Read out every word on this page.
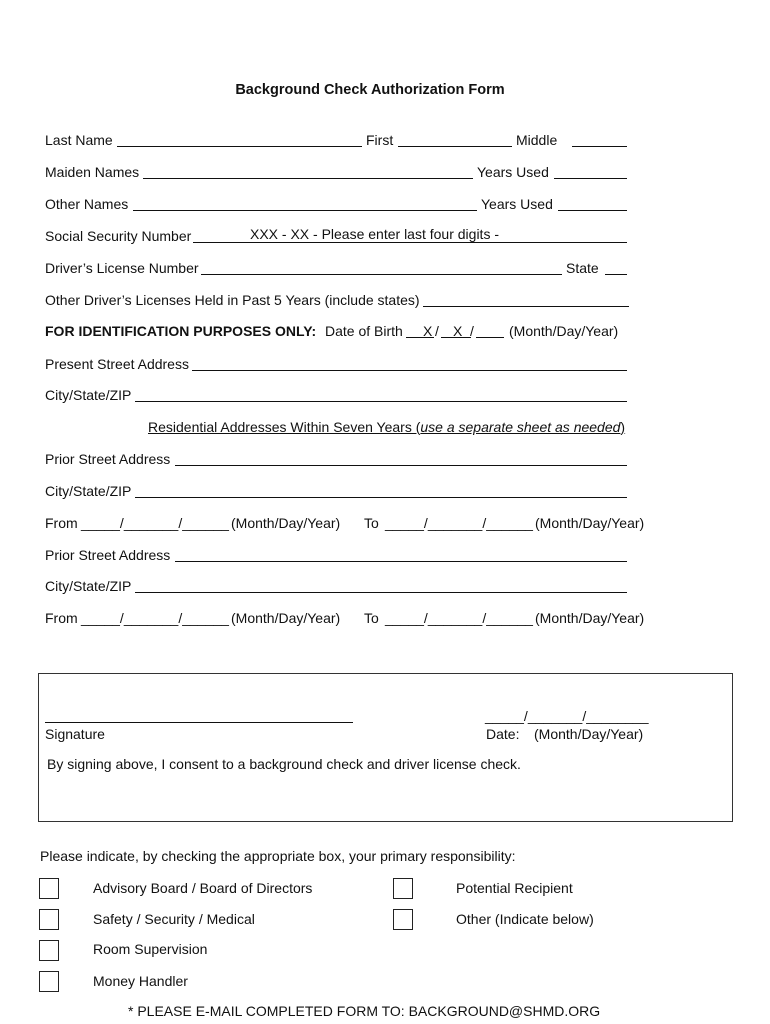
Background Check Authorization Form
Last Name	First	Middle
Maiden Names	Years Used
Other Names	Years Used
Social Security Number	XXX - XX - Please enter last four digits -
Driver’s License Number	State
Other Driver’s Licenses Held in Past 5 Years (include states)
FOR IDENTIFICATION PURPOSES ONLY: Date of Birth X / X /	(Month/Day/Year)
Present Street Address
City/State/ZIP
Residential Addresses Within Seven Years (use a separate sheet as needed)
Prior Street Address
City/State/ZIP
From _____/_______/______ (Month/Day/Year) To _____/_______/______ (Month/Day/Year)
Prior Street Address
City/State/ZIP
From _____/_______/______ (Month/Day/Year) To _____/_______/______ (Month/Day/Year)
Signature
_____/_______/________
Date: (Month/Day/Year)
By signing above, I consent to a background check and driver license check.
Please indicate, by checking the appropriate box, your primary responsibility:
Advisory Board / Board of Directors
Safety / Security / Medical
Room Supervision
Money Handler
Potential Recipient
Other (Indicate below)
* PLEASE E-MAIL COMPLETED FORM TO: BACKGROUND@SHMD.ORG
